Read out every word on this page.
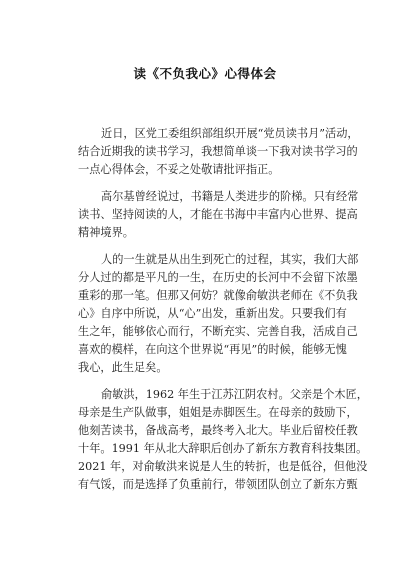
读《不负我心》心得体会
近日，区党工委组织部组织开展“党员读书月”活动，
结合近期我的读书学习，我想简单谈一下我对读书学习的
一点心得体会，不妥之处敬请批评指正。
高尔基曾经说过，书籍是人类进步的阶梯。只有经常
读书、坚持阅读的人，才能在书海中丰富内心世界、提高
精神境界。
人的一生就是从出生到死亡的过程，其实，我们大部
分人过的都是平凡的一生，在历史的长河中不会留下浓墨
重彩的那一笔。但那又何妨？就像俞敏洪老师在《不负我
心》自序中所说，从“心”出发，重新出发。只要我们有
生之年，能够依心而行，不断充实、完善自我，活成自己
喜欢的模样，在向这个世界说“再见”的时候，能够无愧
我心，此生足矣。
俞敏洪，1962 年生于江苏江阴农村。父亲是个木匠，
母亲是生产队做事，姐姐是赤脚医生。在母亲的鼓励下，
他刻苦读书，备战高考，最终考入北大。毕业后留校任教
十年。1991 年从北大辞职后创办了新东方教育科技集团。
2021 年，对俞敏洪来说是人生的转折，也是低谷，但他没
有气馁，而是选择了负重前行，带领团队创立了新东方甄
